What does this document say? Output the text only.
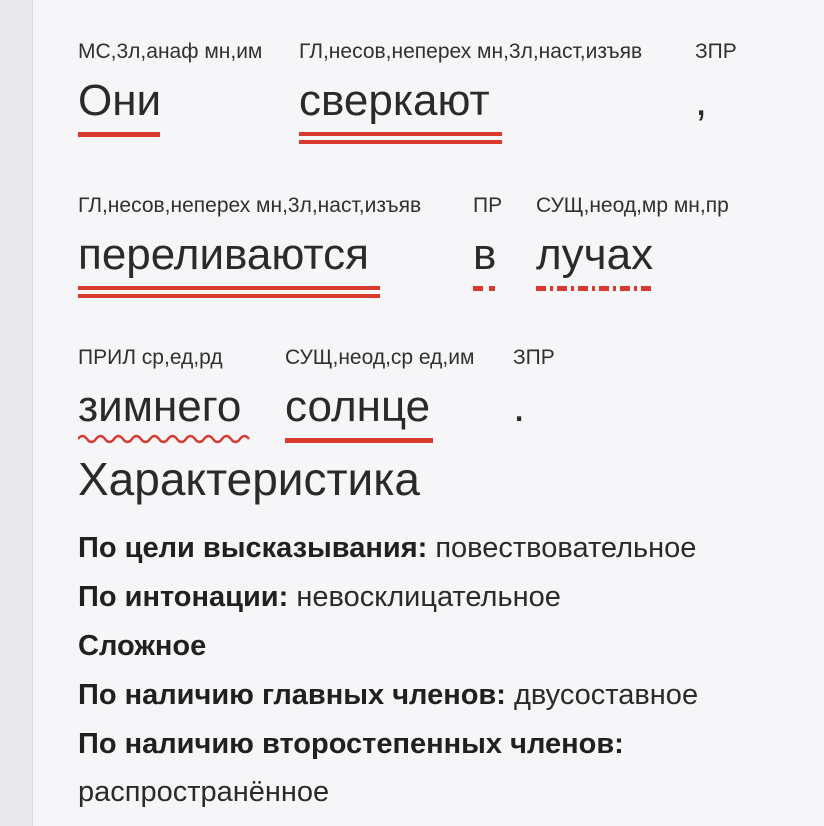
МС,3л,анаф мн,им
Они
ГЛ,несов,неперех мн,3л,наст,изъяв
сверкают
ЗПР
,
ГЛ,несов,неперех мн,3л,наст,изъяв
переливаются
ПР
в
СУЩ,неод,мр мн,пр
лучах
ПРИЛ ср,ед,рд
зимнего
СУЩ,неод,ср ед,им
солнце
ЗПР
.
Характеристика
По цели высказывания: повествовательное
По интонации: невосклицательное
Сложное
По наличию главных членов: двусоставное
По наличию второстепенных членов:
распространённое
